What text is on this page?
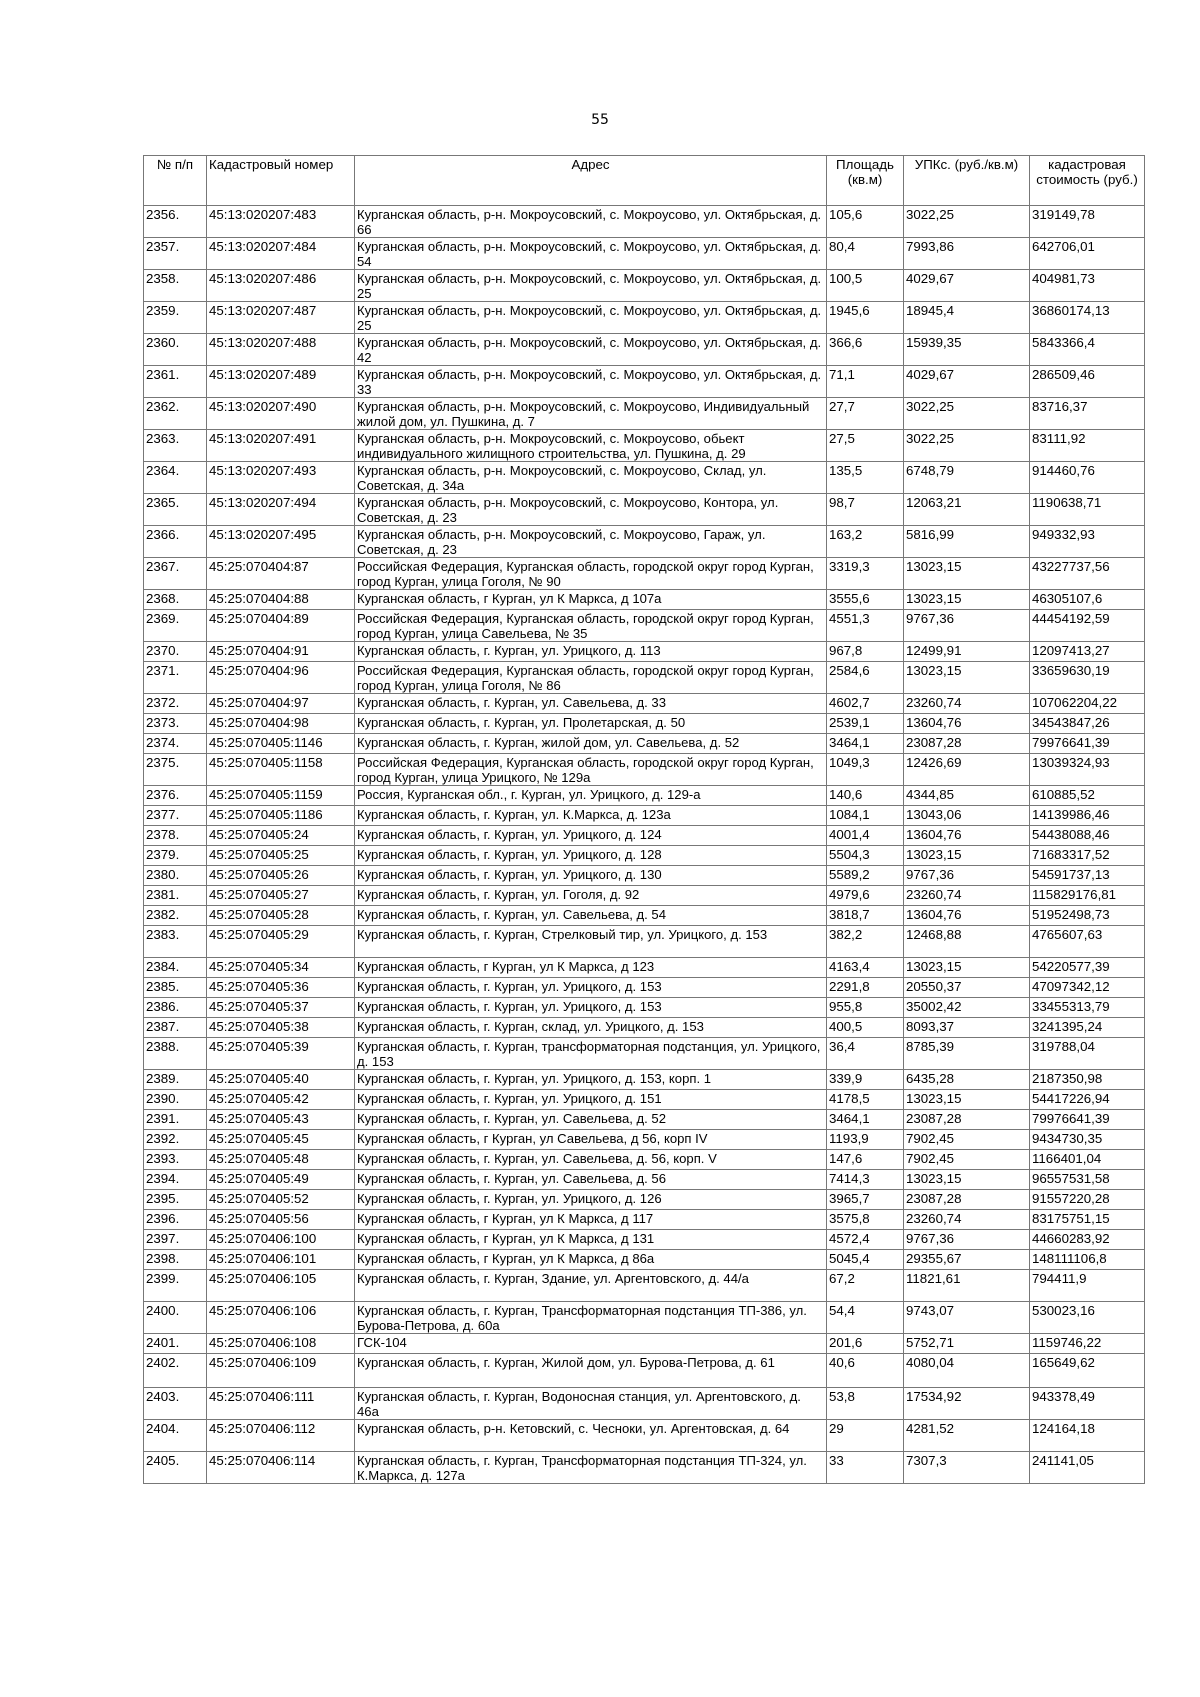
55
№ п/п	Кадастровый номер	Адрес	Площадь (кв.м)	УПКс. (руб./кв.м)	кадастровая стоимость (руб.)
2356.	45:13:020207:483	Курганская область, р-н. Мокроусовский, с. Мокроусово, ул. Октябрьская, д. 66	105,6	3022,25	319149,78
2357.	45:13:020207:484	Курганская область, р-н. Мокроусовский, с. Мокроусово, ул. Октябрьская, д. 54	80,4	7993,86	642706,01
2358.	45:13:020207:486	Курганская область, р-н. Мокроусовский, с. Мокроусово, ул. Октябрьская, д. 25	100,5	4029,67	404981,73
2359.	45:13:020207:487	Курганская область, р-н. Мокроусовский, с. Мокроусово, ул. Октябрьская, д. 25	1945,6	18945,4	36860174,13
2360.	45:13:020207:488	Курганская область, р-н. Мокроусовский, с. Мокроусово, ул. Октябрьская, д. 42	366,6	15939,35	5843366,4
2361.	45:13:020207:489	Курганская область, р-н. Мокроусовский, с. Мокроусово, ул. Октябрьская, д. 33	71,1	4029,67	286509,46
2362.	45:13:020207:490	Курганская область, р-н. Мокроусовский, с. Мокроусово, Индивидуальный жилой дом, ул. Пушкина, д. 7	27,7	3022,25	83716,37
2363.	45:13:020207:491	Курганская область, р-н. Мокроусовский, с. Мокроусово, обьект индивидуального жилищного строительства, ул. Пушкина, д. 29	27,5	3022,25	83111,92
2364.	45:13:020207:493	Курганская область, р-н. Мокроусовский, с. Мокроусово, Склад, ул. Советская, д. 34а	135,5	6748,79	914460,76
2365.	45:13:020207:494	Курганская область, р-н. Мокроусовский, с. Мокроусово, Контора, ул. Советская, д. 23	98,7	12063,21	1190638,71
2366.	45:13:020207:495	Курганская область, р-н. Мокроусовский, с. Мокроусово, Гараж, ул. Советская, д. 23	163,2	5816,99	949332,93
2367.	45:25:070404:87	Российская Федерация, Курганская область, городской округ город Курган, город Курган, улица Гоголя, № 90	3319,3	13023,15	43227737,56
2368.	45:25:070404:88	Курганская область, г Курган, ул К Маркса, д 107а	3555,6	13023,15	46305107,6
2369.	45:25:070404:89	Российская Федерация, Курганская область, городской округ город Курган, город Курган, улица Савельева, № 35	4551,3	9767,36	44454192,59
2370.	45:25:070404:91	Курганская область, г. Курган, ул. Урицкого, д. 113	967,8	12499,91	12097413,27
2371.	45:25:070404:96	Российская Федерация, Курганская область, городской округ город Курган, город Курган, улица Гоголя, № 86	2584,6	13023,15	33659630,19
2372.	45:25:070404:97	Курганская область, г. Курган, ул. Савельева, д. 33	4602,7	23260,74	107062204,22
2373.	45:25:070404:98	Курганская область, г. Курган, ул. Пролетарская, д. 50	2539,1	13604,76	34543847,26
2374.	45:25:070405:1146	Курганская область, г. Курган, жилой дом, ул. Савельева, д. 52	3464,1	23087,28	79976641,39
2375.	45:25:070405:1158	Российская Федерация, Курганская область, городской округ город Курган, город Курган, улица Урицкого, № 129а	1049,3	12426,69	13039324,93
2376.	45:25:070405:1159	Россия, Курганская обл., г. Курган, ул. Урицкого, д. 129-а	140,6	4344,85	610885,52
2377.	45:25:070405:1186	Курганская область, г. Курган, ул. К.Маркса, д. 123а	1084,1	13043,06	14139986,46
2378.	45:25:070405:24	Курганская область, г. Курган, ул. Урицкого, д. 124	4001,4	13604,76	54438088,46
2379.	45:25:070405:25	Курганская область, г. Курган, ул. Урицкого, д. 128	5504,3	13023,15	71683317,52
2380.	45:25:070405:26	Курганская область, г. Курган, ул. Урицкого, д. 130	5589,2	9767,36	54591737,13
2381.	45:25:070405:27	Курганская область, г. Курган, ул. Гоголя, д. 92	4979,6	23260,74	115829176,81
2382.	45:25:070405:28	Курганская область, г. Курган, ул. Савельева, д. 54	3818,7	13604,76	51952498,73
2383.	45:25:070405:29	Курганская область, г. Курган, Стрелковый тир, ул. Урицкого, д. 153	382,2	12468,88	4765607,63
2384.	45:25:070405:34	Курганская область, г Курган, ул К Маркса, д 123	4163,4	13023,15	54220577,39
2385.	45:25:070405:36	Курганская область, г. Курган, ул. Урицкого, д. 153	2291,8	20550,37	47097342,12
2386.	45:25:070405:37	Курганская область, г. Курган, ул. Урицкого, д. 153	955,8	35002,42	33455313,79
2387.	45:25:070405:38	Курганская область, г. Курган, склад, ул. Урицкого, д. 153	400,5	8093,37	3241395,24
2388.	45:25:070405:39	Курганская область, г. Курган, трансформаторная подстанция, ул. Урицкого, д. 153	36,4	8785,39	319788,04
2389.	45:25:070405:40	Курганская область, г. Курган, ул. Урицкого, д. 153, корп. 1	339,9	6435,28	2187350,98
2390.	45:25:070405:42	Курганская область, г. Курган, ул. Урицкого, д. 151	4178,5	13023,15	54417226,94
2391.	45:25:070405:43	Курганская область, г. Курган, ул. Савельева, д. 52	3464,1	23087,28	79976641,39
2392.	45:25:070405:45	Курганская область, г Курган, ул Савельева, д 56, корп IV	1193,9	7902,45	9434730,35
2393.	45:25:070405:48	Курганская область, г. Курган, ул. Савельева, д. 56, корп. V	147,6	7902,45	1166401,04
2394.	45:25:070405:49	Курганская область, г. Курган, ул. Савельева, д. 56	7414,3	13023,15	96557531,58
2395.	45:25:070405:52	Курганская область, г. Курган, ул. Урицкого, д. 126	3965,7	23087,28	91557220,28
2396.	45:25:070405:56	Курганская область, г Курган, ул К Маркса, д 117	3575,8	23260,74	83175751,15
2397.	45:25:070406:100	Курганская область, г Курган, ул К Маркса, д 131	4572,4	9767,36	44660283,92
2398.	45:25:070406:101	Курганская область, г Курган, ул К Маркса, д 86а	5045,4	29355,67	148111106,8
2399.	45:25:070406:105	Курганская область, г. Курган, Здание, ул. Аргентовского, д. 44/а	67,2	11821,61	794411,9
2400.	45:25:070406:106	Курганская область, г. Курган, Трансформаторная подстанция ТП-386, ул. Бурова-Петрова, д. 60а	54,4	9743,07	530023,16
2401.	45:25:070406:108	ГСК-104	201,6	5752,71	1159746,22
2402.	45:25:070406:109	Курганская область, г. Курган, Жилой дом, ул. Бурова-Петрова, д. 61	40,6	4080,04	165649,62
2403.	45:25:070406:111	Курганская область, г. Курган, Водоносная станция, ул. Аргентовского, д. 46а	53,8	17534,92	943378,49
2404.	45:25:070406:112	Курганская область, р-н. Кетовский, с. Чесноки, ул. Аргентовская, д. 64	29	4281,52	124164,18
2405.	45:25:070406:114	Курганская область, г. Курган, Трансформаторная подстанция ТП-324, ул. К.Маркса, д. 127а	33	7307,3	241141,05
